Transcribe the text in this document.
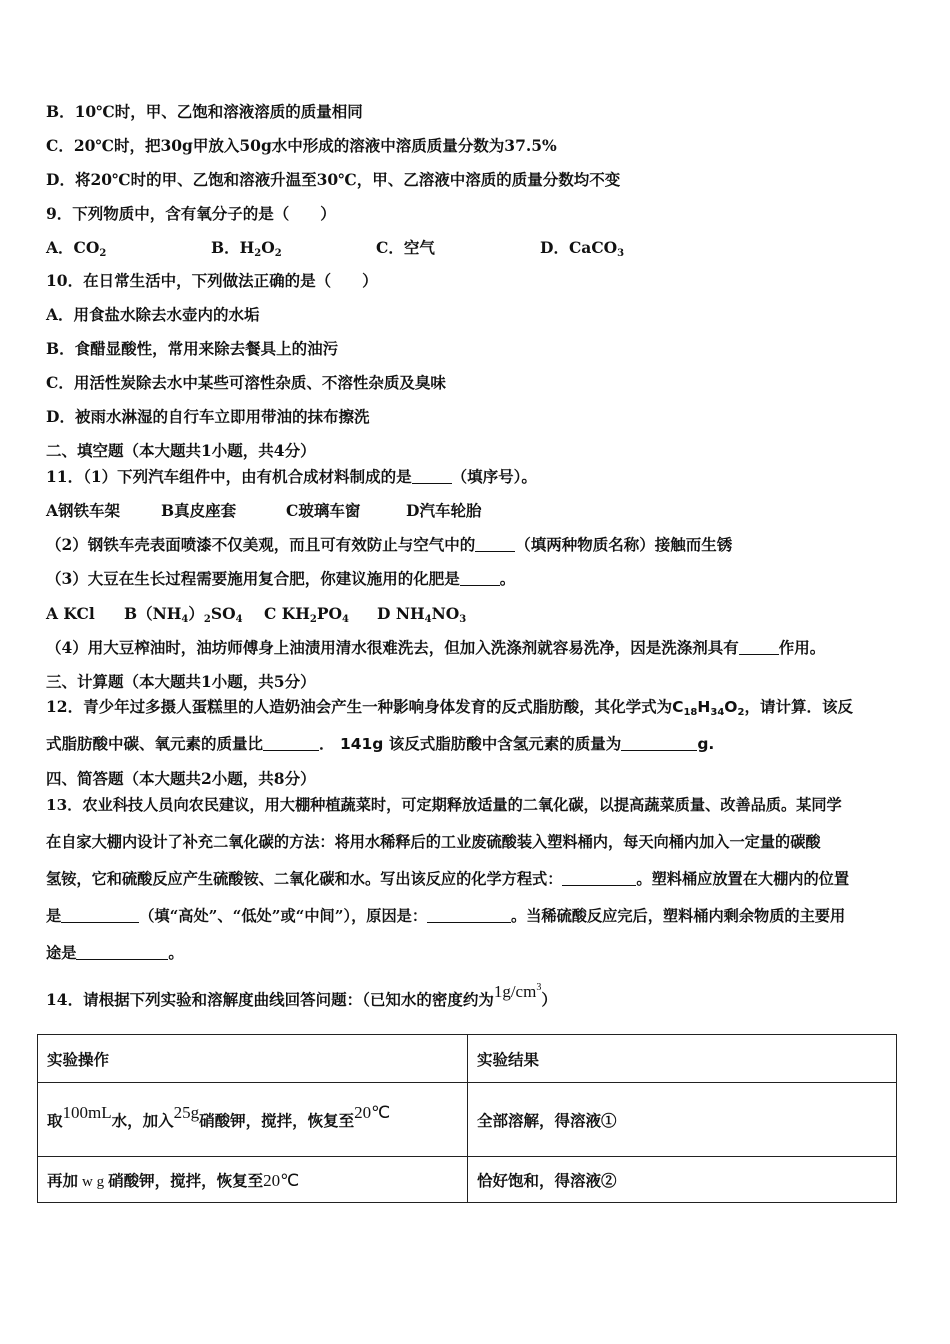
B．10℃时，甲、乙饱和溶液溶质的质量相同
C．20℃时，把30g甲放入50g水中形成的溶液中溶质质量分数为37.5%
D．将20℃时的甲、乙饱和溶液升温至30℃，甲、乙溶液中溶质的质量分数均不变
9．下列物质中，含有氧分子的是（　　）
A．$CO_2$	B．$H_2O_2$	C．空气	D．CaCO$_3$
10．在日常生活中，下列做法正确的是（　　）
A．用食盐水除去水壶内的水垢
B．食醋显酸性，常用来除去餐具上的油污
C．用活性炭除去水中某些可溶性杂质、不溶性杂质及臭味
D．被雨水淋湿的自行车立即用带油的抹布擦洗
二、填空题（本大题共1小题，共4分）
11．（1）下列汽车组件中，由有机合成材料制成的是	（填序号）。
A钢铁车架	B真皮座套	C玻璃车窗	D汽车轮胎
（2）钢铁车壳表面喷漆不仅美观，而且可有效防止与空气中的	（填两种物质名称）接触而生锈
（3）大豆在生长过程需要施用复合肥，你建议施用的化肥是	。
A KCl $B(NH_4)_2SO_4$ C $KH_2PO_4$ D $NH_4NO_3$
（4）用大豆榨油时，油坊师傅身上油渍用清水很难洗去，但加入洗涤剂就容易洗净，因是洗涤剂具有	作用。
三、计算题（本大题共1小题，共5分）
12．青少年过多摄人蛋糕里的人造奶油会产生一种影响身体发育的反式脂肪酸，其化学式为$C_{18}H_{34}O_2$，请计算．该反
式脂肪酸中碳、氧元素的质量比	． 141g 该反式脂肪酸中含氢元素的质量为	g.
四、简答题（本大题共2小题，共8分）
13．农业科技人员向农民建议，用大棚种植蔬菜时，可定期释放适量的二氧化碳，以提高蔬菜质量、改善品质。某同学
在自家大棚内设计了补充二氧化碳的方法：将用水稀释后的工业废硫酸装入塑料桶内，每天向桶内加入一定量的碳酸
氢铵，它和硫酸反应产生硫酸铵、二氧化碳和水。写出该反应的化学方程式：	。塑料桶应放置在大棚内的位置
是	（填“高处”、“低处”或“中间”），原因是：	。当稀硫酸反应完后，塑料桶内剩余物质的主要用
途是	。
14．请根据下列实验和溶解度曲线回答问题：（已知水的密度约为$1g/cm^3$）
实验操作	实验结果
取100mL水，加入25g硝酸钾，搅拌，恢复至20℃	全部溶解，得溶液①
再加 w g 硝酸钾，搅拌，恢复至20℃	恰好饱和，得溶液②
